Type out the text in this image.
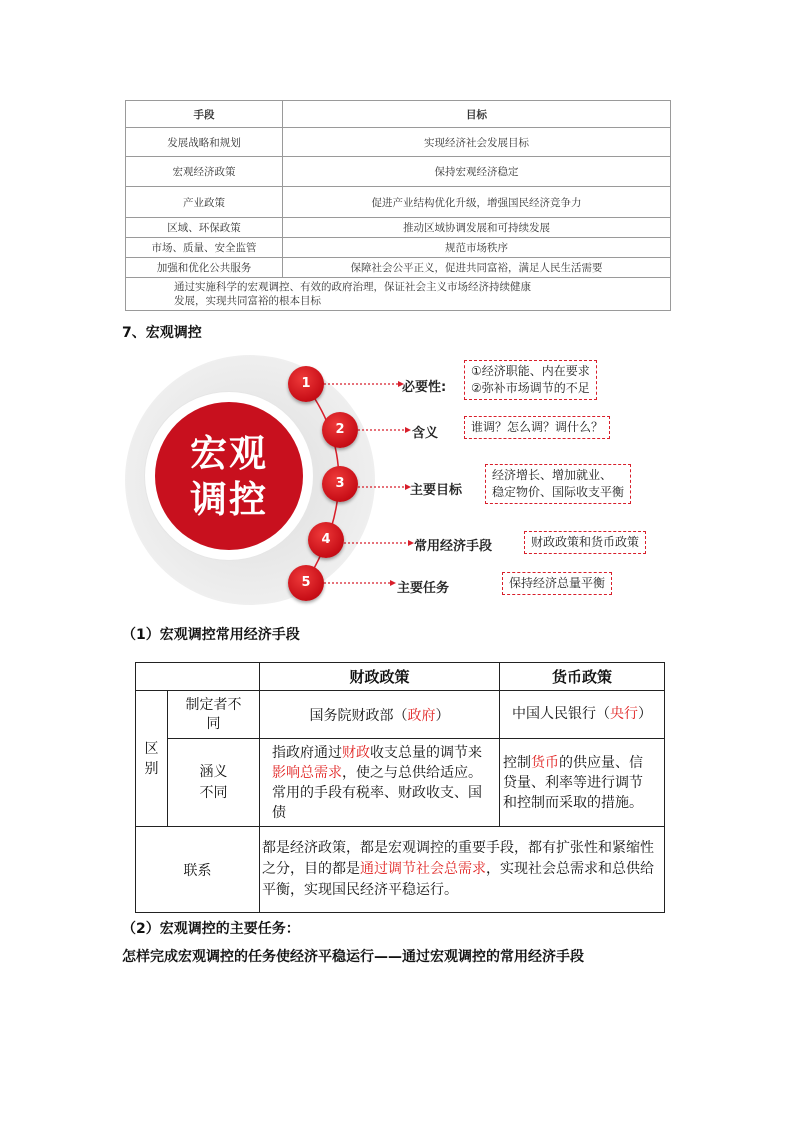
手段	目标
发展战略和规划	实现经济社会发展目标
宏观经济政策	保持宏观经济稳定
产业政策	促进产业结构优化升级，增强国民经济竞争力
区域、环保政策	推动区域协调发展和可持续发展
市场、质量、安全监管	规范市场秩序
加强和优化公共服务	保障社会公平正义，促进共同富裕，满足人民生活需要

通过实施科学的宏观调控、有效的政府治理，保证社会主义市场经济持续健康
发展，实现共同富裕的根本目标	
7、宏观调控
宏观
调控
1	必要性:
①经济职能、内在要求
②弥补市场调节的不足
2	含义	谁调？怎么调？调什么？
3	主要目标
经济增长、增加就业、
稳定物价、国际收支平衡
4	常用经济手段	财政政策和货币政策
5	主要任务	保持经济总量平衡
（1）宏观调控常用经济手段
		财政政策	货币政策
区别	制定者不同	国务院财政部（政府）	中国人民银行（央行）
	涵义不同	指政府通过财政收支总量的调节来影响总需求，使之与总供给适应。常用的手段有税率、财政收支、国债	控制货币的供应量、信贷量、利率等进行调节和控制而采取的措施。
联系		都是经济政策，都是宏观调控的重要手段，都有扩张性和紧缩性之分，目的都是通过调节社会总需求，实现社会总需求和总供给平衡，实现国民经济平稳运行。	
（2）宏观调控的主要任务：
怎样完成宏观调控的任务使经济平稳运行——通过宏观调控的常用经济手段
